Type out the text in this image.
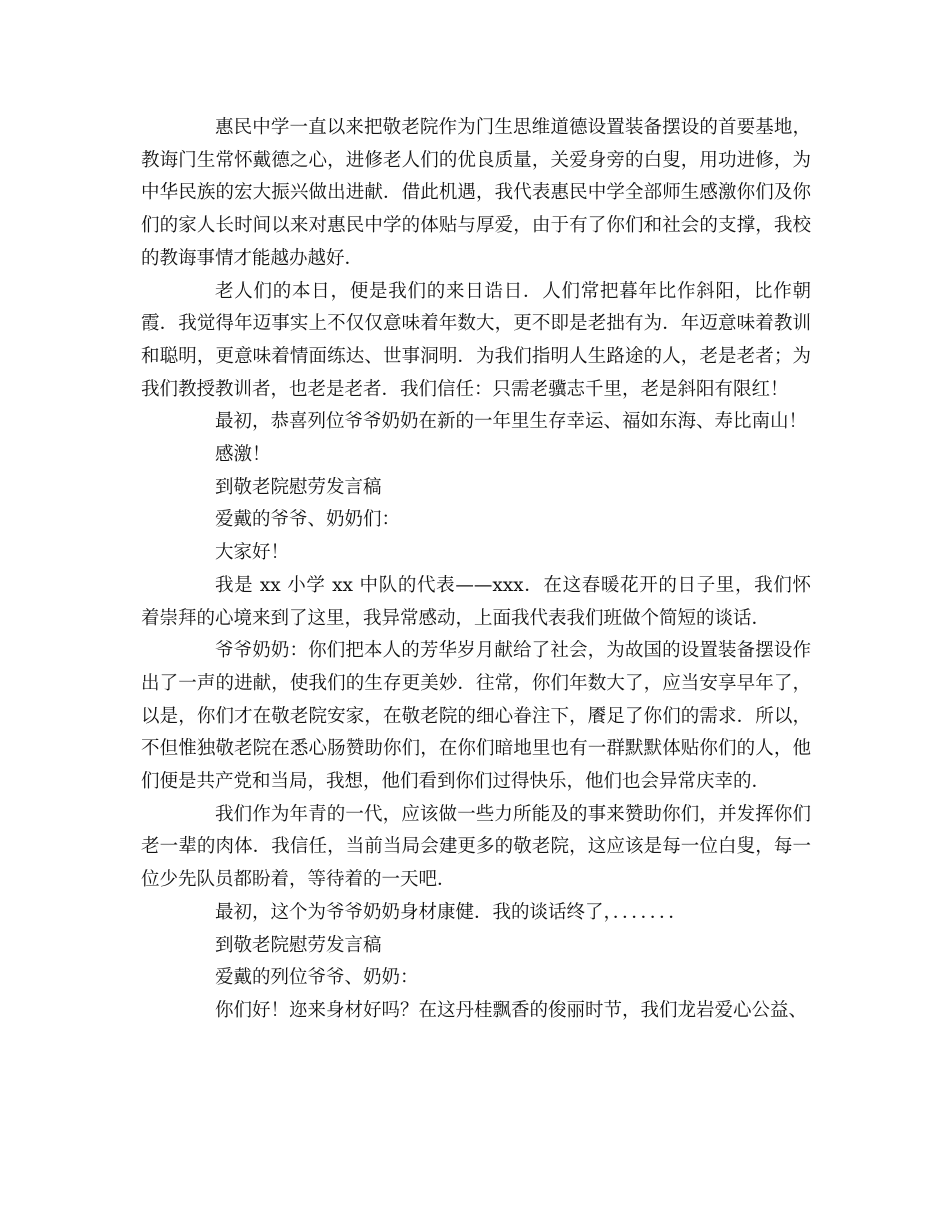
惠民中学一直以来把敬老院作为门生思维道德设置装备摆设的首要基地，教诲门生常怀戴德之心，进修老人们的优良质量，关爱身旁的白叟，用功进修，为中华民族的宏大振兴做出进献．借此机遇，我代表惠民中学全部师生感激你们及你们的家人长时间以来对惠民中学的体贴与厚爱，由于有了你们和社会的支撑，我校的教诲事情才能越办越好．

老人们的本日，便是我们的来日诰日．人们常把暮年比作斜阳，比作朝霞．我觉得年迈事实上不仅仅意味着年数大，更不即是老拙有为．年迈意味着教训和聪明，更意味着情面练达、世事洞明．为我们指明人生路途的人，老是老者；为我们教授教训者，也老是老者．我们信任：只需老骥志千里，老是斜阳有限红！

最初，恭喜列位爷爷奶奶在新的一年里生存幸运、福如东海、寿比南山！

感激！

到敬老院慰劳发言稿

爱戴的爷爷、奶奶们：

大家好！

我是 xx 小学 xx 中队的代表——xxx．在这春暖花开的日子里，我们怀着崇拜的心境来到了这里，我异常感动，上面我代表我们班做个简短的谈话．

爷爷奶奶：你们把本人的芳华岁月献给了社会，为故国的设置装备摆设作出了一声的进献，使我们的生存更美妙．往常，你们年数大了，应当安享早年了，以是，你们才在敬老院安家，在敬老院的细心眷注下，餍足了你们的需求．所以，不但惟独敬老院在悉心肠赞助你们，在你们暗地里也有一群默默体贴你们的人，他们便是共产党和当局，我想，他们看到你们过得快乐，他们也会异常庆幸的．

我们作为年青的一代，应该做一些力所能及的事来赞助你们，并发挥你们老一辈的肉体．我信任，当前当局会建更多的敬老院，这应该是每一位白叟，每一位少先队员都盼着，等待着的一天吧．

最初，这个为爷爷奶奶身材康健．我的谈话终了，．．．．．．．

到敬老院慰劳发言稿

爱戴的列位爷爷、奶奶：

你们好！迩来身材好吗？在这丹桂飘香的俊丽时节，我们龙岩爱心公益、
